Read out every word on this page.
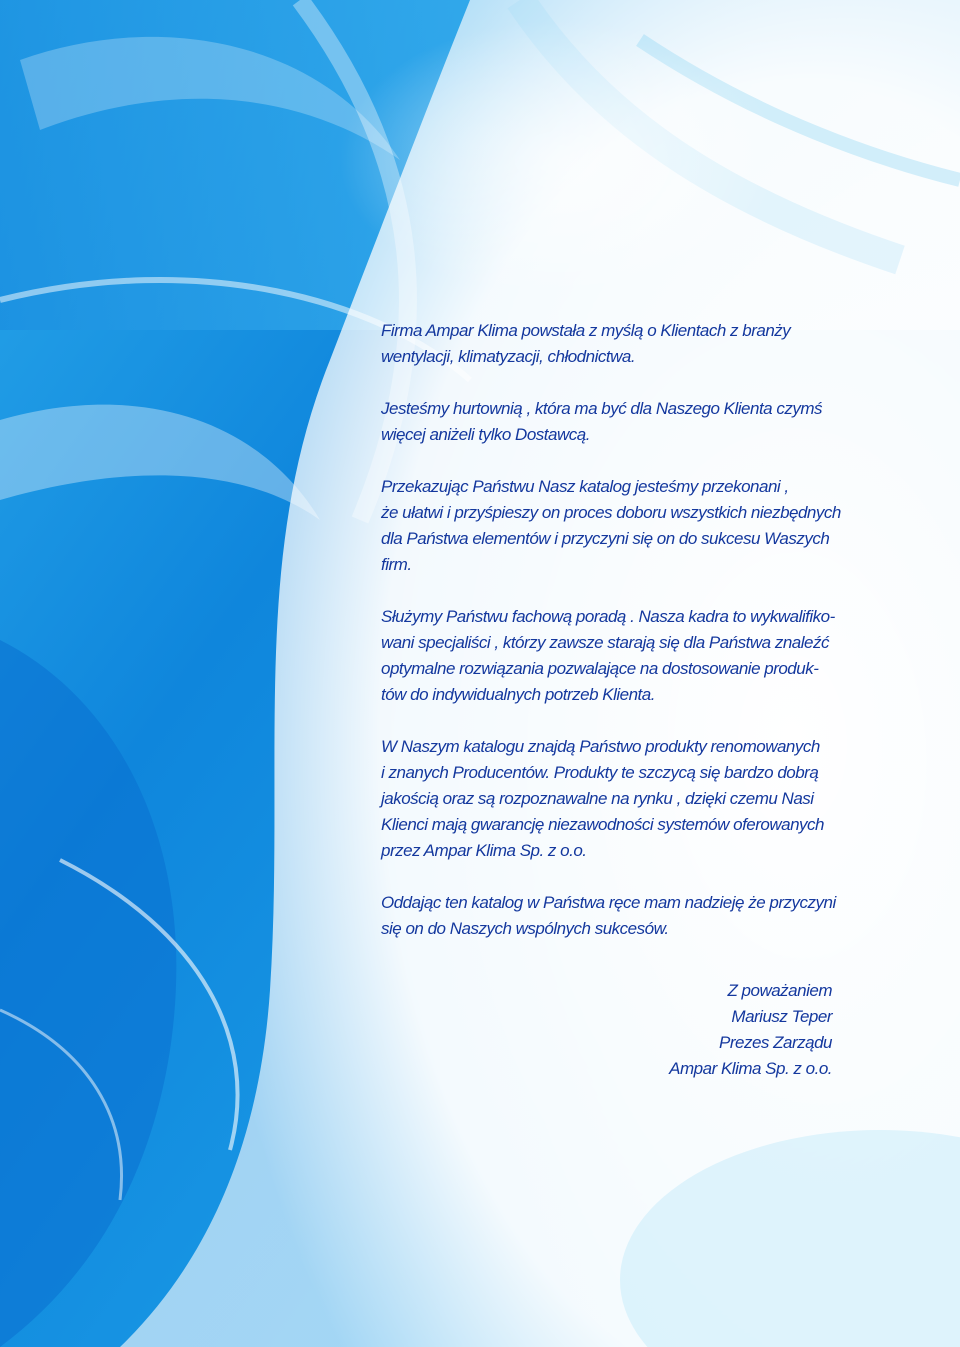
Firma Ampar Klima powstała z myślą o Klientach z branży
wentylacji, klimatyzacji, chłodnictwa.

Jesteśmy hurtownią , która ma być dla Naszego Klienta czymś
więcej aniżeli tylko Dostawcą.

Przekazując Państwu Nasz katalog jesteśmy przekonani ,
że ułatwi i przyśpieszy on proces doboru wszystkich niezbędnych
dla Państwa elementów i przyczyni się on do sukcesu Waszych
firm.

Służymy Państwu fachową poradą . Nasza kadra to wykwalifiko-
wani specjaliści , którzy zawsze starają się dla Państwa znaleźć
optymalne rozwiązania pozwalające na dostosowanie produk-
tów do indywidualnych potrzeb Klienta.

W Naszym katalogu znajdą Państwo produkty renomowanych
i znanych Producentów. Produkty te szczycą się bardzo dobrą
jakością oraz są rozpoznawalne na rynku , dzięki czemu Nasi
Klienci mają gwarancję niezawodności systemów oferowanych
przez Ampar Klima Sp. z o.o.

Oddając ten katalog w Państwa ręce mam nadzieję że przyczyni
się on do Naszych wspólnych sukcesów.

Z poważaniem
Mariusz Teper
Prezes Zarządu
Ampar Klima Sp. z o.o.
